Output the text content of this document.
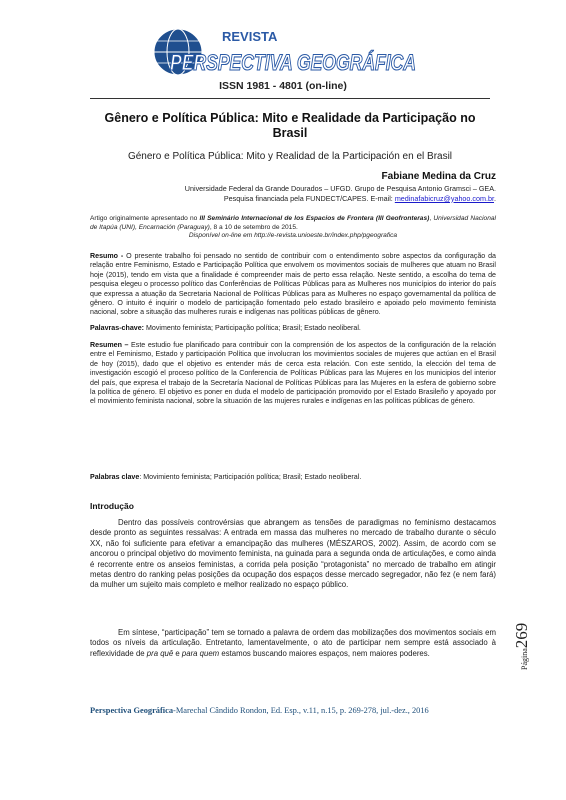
REVISTA
PERSPECTIVA GEOGRÁFICA
ISSN 1981 - 4801 (on-line)
Gênero e Política Pública: Mito e Realidade da Participação no Brasil
Género e Política Pública: Mito y Realidad de la Participación en el Brasil
Fabiane Medina da Cruz
Universidade Federal da Grande Dourados – UFGD. Grupo de Pesquisa Antonio Gramsci – GEA.
Pesquisa financiada pela FUNDECT/CAPES. E-mail: medinafabicruz@yahoo.com.br.
Artigo originalmente apresentado no III Seminário Internacional de los Espacios de Frontera (III Geofronteras), Universidad Nacional de Itapúa (UNI), Encarnación (Paraguay), 8 a 10 de setembro de 2015.
Disponível on-line em http://e-revista.unioeste.br/index.php/pgeografica
Resumo - O presente trabalho foi pensado no sentido de contribuir com o entendimento sobre aspectos da configuração da relação entre Feminismo, Estado e Participação Política que envolvem os movimentos sociais de mulheres que atuam no Brasil hoje (2015), tendo em vista que a finalidade é compreender mais de perto essa relação. Neste sentido, a escolha do tema de pesquisa elegeu o processo político das Conferências de Políticas Públicas para as Mulheres nos municípios do interior do país que expressa a atuação da Secretaria Nacional de Políticas Públicas para as Mulheres no espaço governamental da política de gênero. O intuito é inquirir o modelo de participação fomentado pelo estado brasileiro e apoiado pelo movimento feminista nacional, sobre a situação das mulheres rurais e indígenas nas políticas públicas de gênero.
Palavras-chave: Movimento feminista; Participação política; Brasil; Estado neoliberal.
Resumen – Este estudio fue planificado para contribuir con la comprensión de los aspectos de la configuración de la relación entre el Feminismo, Estado y participación Política que involucran los movimientos sociales de mujeres que actúan en el Brasil de hoy (2015), dado que el objetivo es entender más de cerca esta relación. Con este sentido, la elección del tema de investigación escogió el proceso político de la Conferencia de Políticas Públicas para las Mujeres en los municipios del interior del país, que expresa el trabajo de la Secretaría Nacional de Políticas Públicas para las Mujeres en la esfera de gobierno sobre la política de género. El objetivo es poner en duda el modelo de participación promovido por el Estado Brasileño y apoyado por el movimiento feminista nacional, sobre la situación de las mujeres rurales e indígenas en las políticas públicas de género.
Palabras clave: Movimiento feminista; Participación política; Brasil; Estado neoliberal.
Introdução
Dentro das possíveis controvérsias que abrangem as tensões de paradigmas no feminismo destacamos desde pronto as seguintes ressalvas: A entrada em massa das mulheres no mercado de trabalho durante o século XX, não foi suficiente para efetivar a emancipação das mulheres (MÉSZAROS, 2002). Assim, de acordo com se ancorou o principal objetivo do movimento feminista, na guinada para a segunda onda de articulações, e como ainda é recorrente entre os anseios feministas, a corrida pela posição “protagonista” no mercado de trabalho em atingir metas dentro do ranking pelas posições da ocupação dos espaços desse mercado segregador, não fez (e nem fará) da mulher um sujeito mais completo e melhor realizado no espaço público.
Em síntese, “participação” tem se tornado a palavra de ordem das mobilizações dos movimentos sociais em todos os níveis da articulação. Entretanto, lamentavelmente, o ato de participar nem sempre está associado à reflexividade de pra quê e para quem estamos buscando maiores espaços, nem maiores poderes.	Página269
Perspectiva Geográfica-Marechal Cândido Rondon, Ed. Esp., v.11, n.15, p. 269-278, jul.-dez., 2016
